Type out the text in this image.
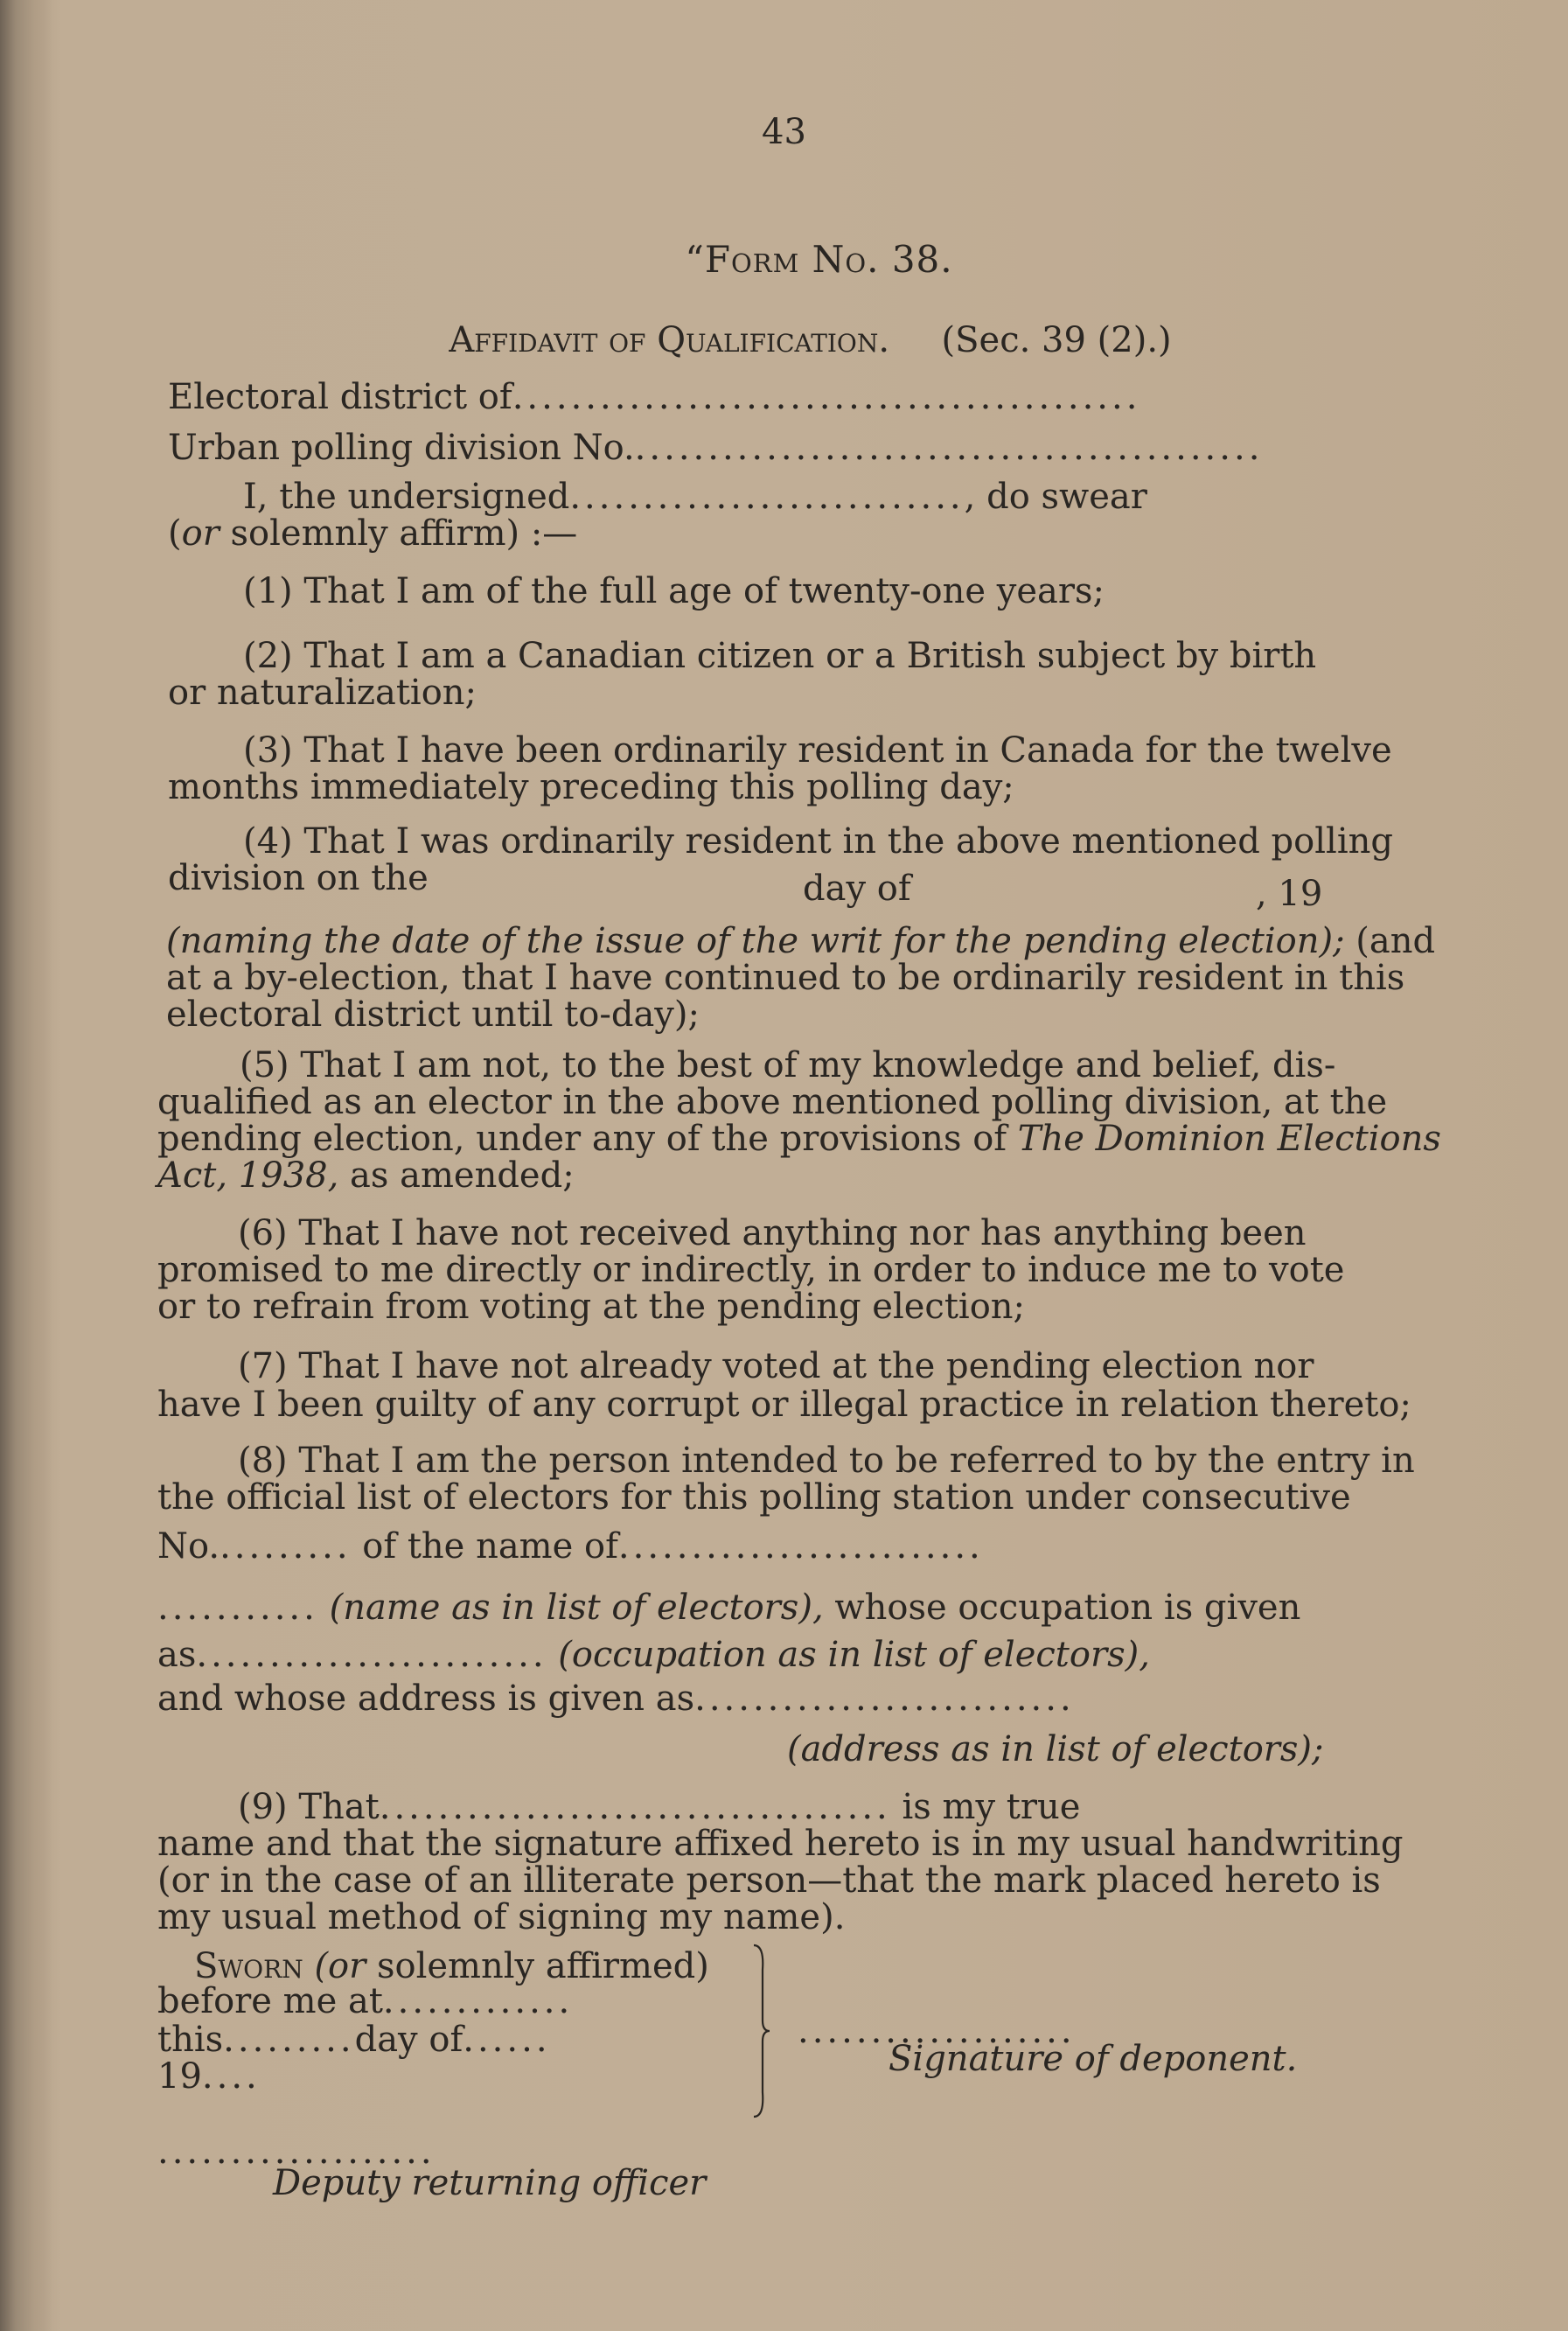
43
“Form No. 38.
Affidavit of Qualification. (Sec. 39 (2).)
Electoral district of...........................................
Urban polling division No............................................
I, the undersigned..........................., do swear
(or solemnly affirm) :—
(1) That I am of the full age of twenty-one years;
(2) That I am a Canadian citizen or a British subject by birth
or naturalization;
(3) That I have been ordinarily resident in Canada for the twelve
months immediately preceding this polling day;
(4) That I was ordinarily resident in the above mentioned polling
division on the	day of	, 19
(naming the date of the issue of the writ for the pending election); (and
at a by-election, that I have continued to be ordinarily resident in this
electoral district until to-day);
(5) That I am not, to the best of my knowledge and belief, dis-
qualified as an elector in the above mentioned polling division, at the
pending election, under any of the provisions of The Dominion Elections
Act, 1938, as amended;
(6) That I have not received anything nor has anything been
promised to me directly or indirectly, in order to induce me to vote
or to refrain from voting at the pending election;
(7) That I have not already voted at the pending election nor
have I been guilty of any corrupt or illegal practice in relation thereto;
(8) That I am the person intended to be referred to by the entry in
the official list of electors for this polling station under consecutive
No.......... of the name of.........................
........... (name as in list of electors), whose occupation is given
as........................ (occupation as in list of electors),
and whose address is given as..........................
(address as in list of electors);
(9) That................................... is my true
name and that the signature affixed hereto is in my usual handwriting
(or in the case of an illiterate person—that the mark placed hereto is
my usual method of signing my name).
Sworn (or solemnly affirmed)
before me at.............
this.........day of......
19....
...................
Signature of deponent.
...................
Deputy returning officer
